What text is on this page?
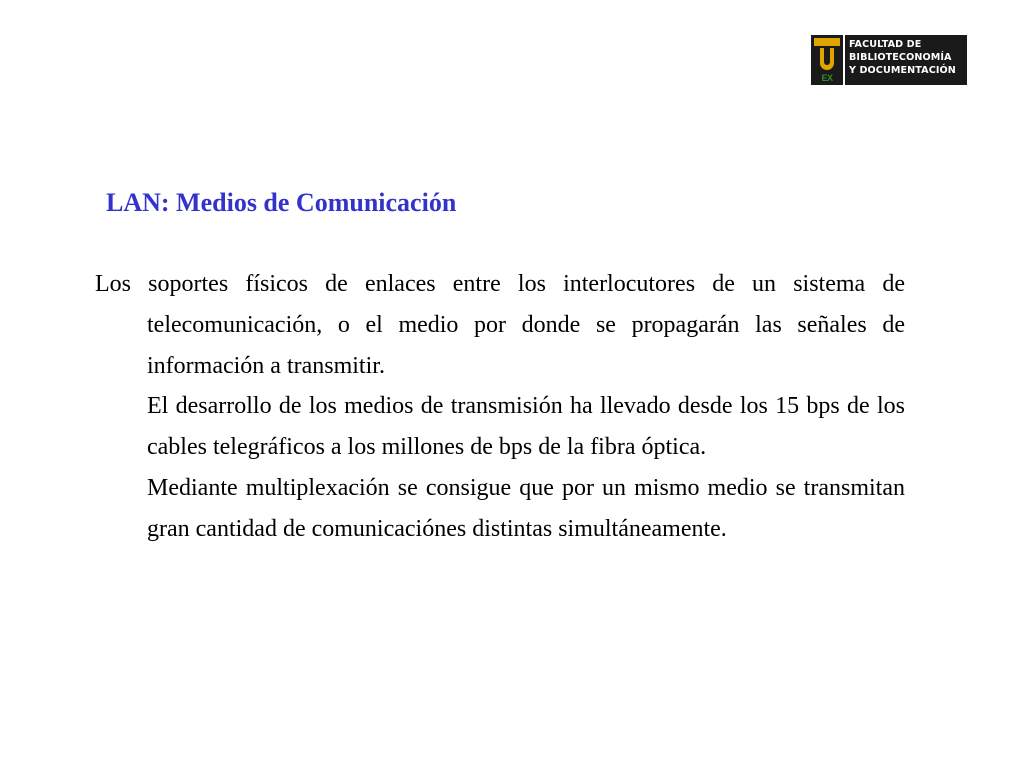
EX
FACULTAD DE
BIBLIOTECONOMÍA
Y DOCUMENTACIÓN
LAN: Medios de Comunicación

Los soportes físicos de enlaces entre los interlocutores de un sistema de telecomunicación, o el medio por donde se propagarán las señales de información a transmitir.

El desarrollo de los medios de transmisión ha llevado desde los 15 bps de los cables telegráficos a los millones de bps de la fibra óptica.

Mediante multiplexación se consigue que por un mismo medio se transmitan gran cantidad de comunicaciónes distintas simultáneamente.
